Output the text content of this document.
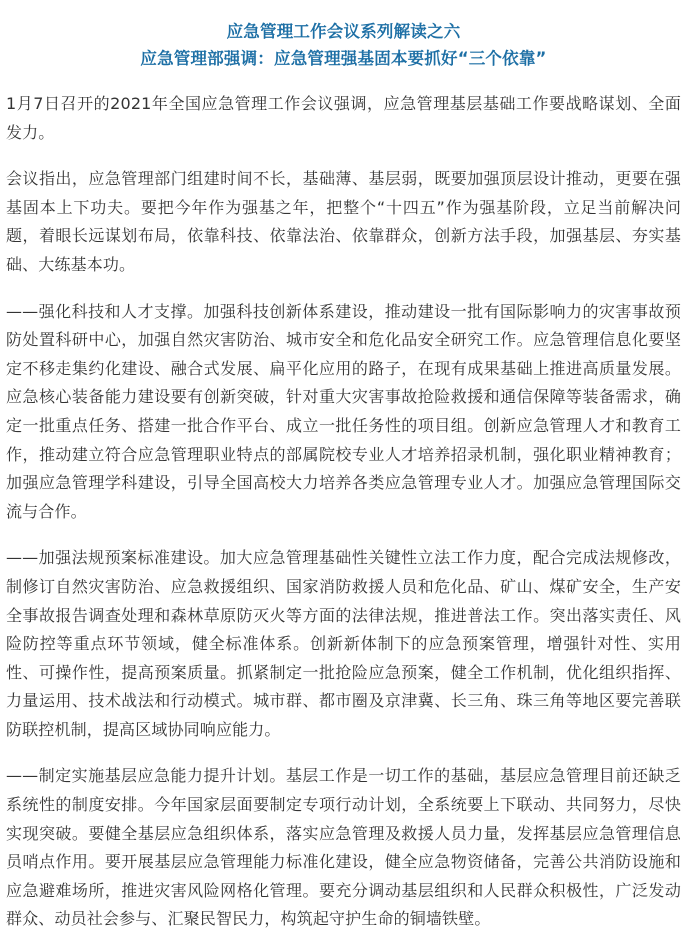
应急管理工作会议系列解读之六
应急管理部强调：应急管理强基固本要抓好“三个依靠”

1月7日召开的2021年全国应急管理工作会议强调，应急管理基层基础工作要战略谋划、全面发力。

会议指出，应急管理部门组建时间不长，基础薄、基层弱，既要加强顶层设计推动，更要在强基固本上下功夫。要把今年作为强基之年，把整个“十四五”作为强基阶段，立足当前解决问题，着眼长远谋划布局，依靠科技、依靠法治、依靠群众，创新方法手段，加强基层、夯实基础、大练基本功。

——强化科技和人才支撑。加强科技创新体系建设，推动建设一批有国际影响力的灾害事故预防处置科研中心，加强自然灾害防治、城市安全和危化品安全研究工作。应急管理信息化要坚定不移走集约化建设、融合式发展、扁平化应用的路子，在现有成果基础上推进高质量发展。应急核心装备能力建设要有创新突破，针对重大灾害事故抢险救援和通信保障等装备需求，确定一批重点任务、搭建一批合作平台、成立一批任务性的项目组。创新应急管理人才和教育工作，推动建立符合应急管理职业特点的部属院校专业人才培养招录机制，强化职业精神教育；加强应急管理学科建设，引导全国高校大力培养各类应急管理专业人才。加强应急管理国际交流与合作。

——加强法规预案标准建设。加大应急管理基础性关键性立法工作力度，配合完成法规修改，制修订自然灾害防治、应急救援组织、国家消防救援人员和危化品、矿山、煤矿安全，生产安全事故报告调查处理和森林草原防灭火等方面的法律法规，推进普法工作。突出落实责任、风险防控等重点环节领域，健全标准体系。创新新体制下的应急预案管理，增强针对性、实用性、可操作性，提高预案质量。抓紧制定一批抢险应急预案，健全工作机制，优化组织指挥、力量运用、技术战法和行动模式。城市群、都市圈及京津冀、长三角、珠三角等地区要完善联防联控机制，提高区域协同响应能力。

——制定实施基层应急能力提升计划。基层工作是一切工作的基础，基层应急管理目前还缺乏系统性的制度安排。今年国家层面要制定专项行动计划，全系统要上下联动、共同努力，尽快实现突破。要健全基层应急组织体系，落实应急管理及救援人员力量，发挥基层应急管理信息员哨点作用。要开展基层应急管理能力标准化建设，健全应急物资储备，完善公共消防设施和应急避难场所，推进灾害风险网格化管理。要充分调动基层组织和人民群众积极性，广泛发动群众、动员社会参与、汇聚民智民力，构筑起守护生命的铜墙铁壁。
